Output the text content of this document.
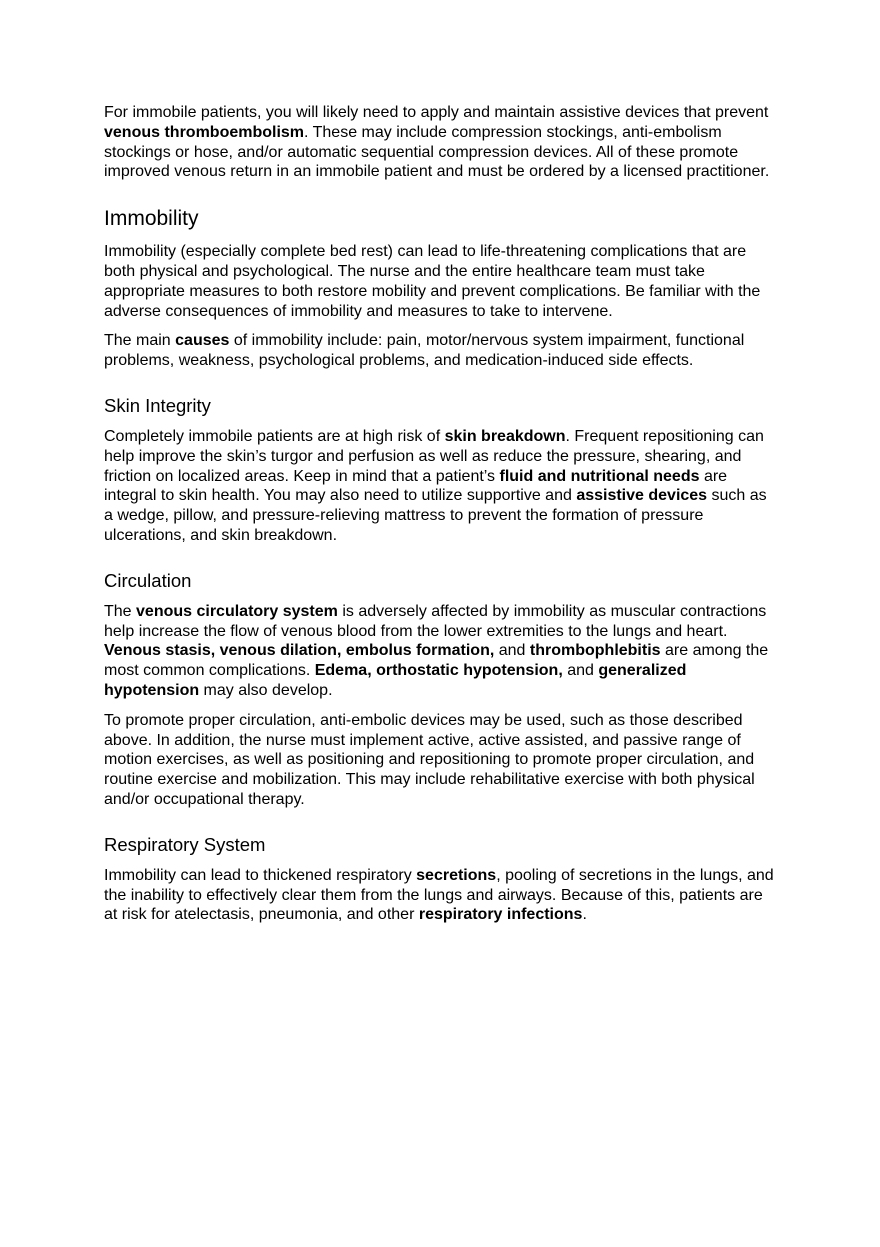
For immobile patients, you will likely need to apply and maintain assistive devices that prevent venous thromboembolism. These may include compression stockings, anti-embolism stockings or hose, and/or automatic sequential compression devices. All of these promote improved venous return in an immobile patient and must be ordered by a licensed practitioner.

Immobility

Immobility (especially complete bed rest) can lead to life-threatening complications that are both physical and psychological. The nurse and the entire healthcare team must take appropriate measures to both restore mobility and prevent complications. Be familiar with the adverse consequences of immobility and measures to take to intervene.

The main causes of immobility include: pain, motor/nervous system impairment, functional problems, weakness, psychological problems, and medication-induced side effects.

Skin Integrity

Completely immobile patients are at high risk of skin breakdown. Frequent repositioning can help improve the skin’s turgor and perfusion as well as reduce the pressure, shearing, and friction on localized areas. Keep in mind that a patient’s fluid and nutritional needs are integral to skin health. You may also need to utilize supportive and assistive devices such as a wedge, pillow, and pressure-relieving mattress to prevent the formation of pressure ulcerations, and skin breakdown.

Circulation

The venous circulatory system is adversely affected by immobility as muscular contractions help increase the flow of venous blood from the lower extremities to the lungs and heart. Venous stasis, venous dilation, embolus formation, and thrombophlebitis are among the most common complications. Edema, orthostatic hypotension, and generalized hypotension may also develop.

To promote proper circulation, anti-embolic devices may be used, such as those described above. In addition, the nurse must implement active, active assisted, and passive range of motion exercises, as well as positioning and repositioning to promote proper circulation, and routine exercise and mobilization. This may include rehabilitative exercise with both physical and/or occupational therapy.

Respiratory System

Immobility can lead to thickened respiratory secretions, pooling of secretions in the lungs, and the inability to effectively clear them from the lungs and airways. Because of this, patients are at risk for atelectasis, pneumonia, and other respiratory infections.
